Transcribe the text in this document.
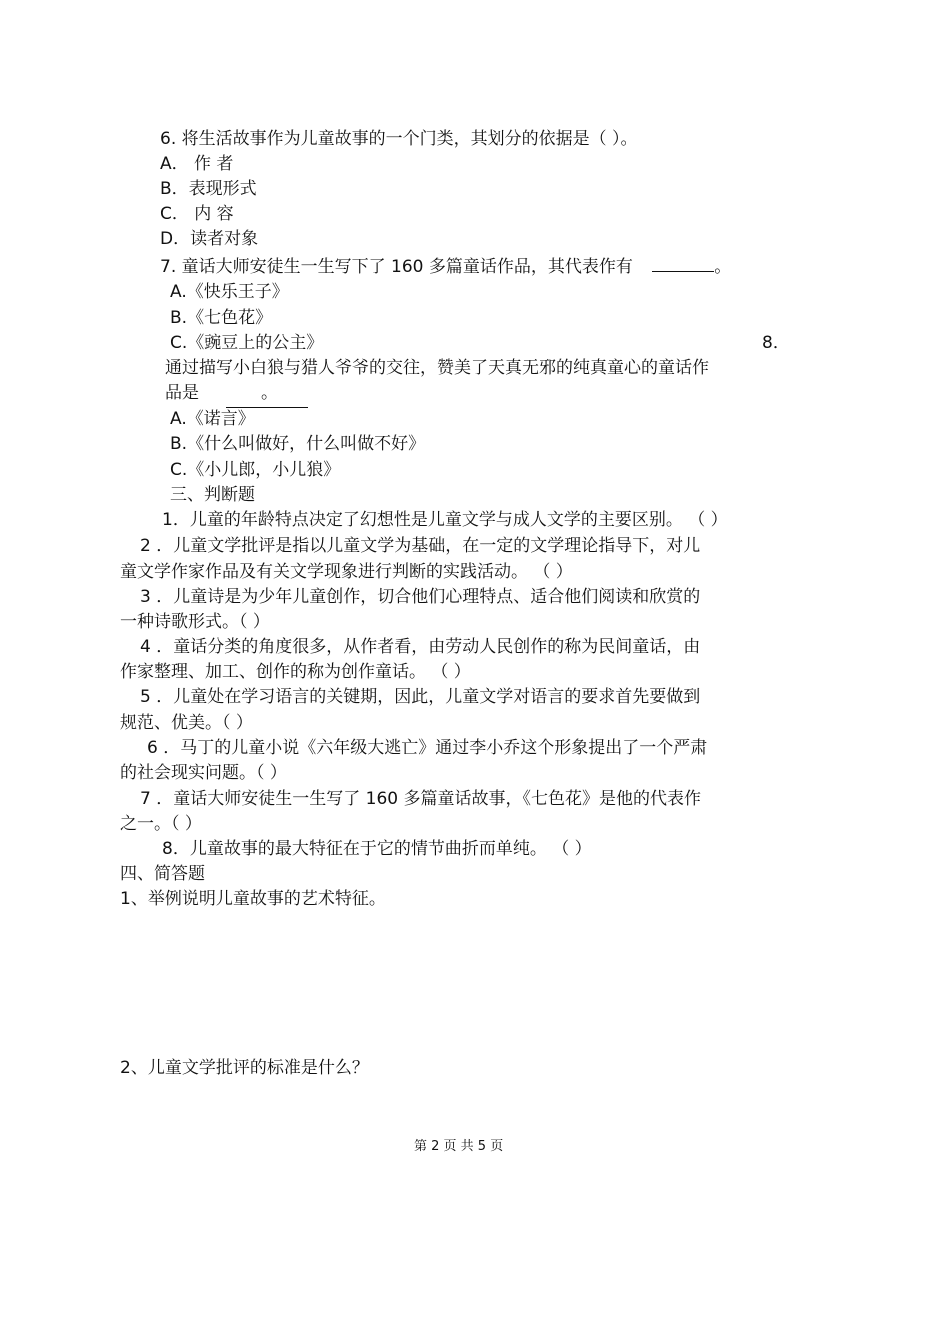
6. 将生活故事作为儿童故事的一个门类，其划分的依据是（ ）。
A． 作 者
B．表现形式
C． 内 容
D．读者对象
7. 童话大师安徒生一生写下了 160 多篇童话作品，其代表作有	。
A.《快乐王子》
B.《七色花》
C.《豌豆上的公主》	8．
通过描写小白狼与猎人爷爷的交往，赞美了天真无邪的纯真童心的童话作
品是	。
A.《诺言》
B.《什么叫做好，什么叫做不好》
C.《小儿郎，小儿狼》
三、判断题
1．儿童的年龄特点决定了幻想性是儿童文学与成人文学的主要区别。 （ ）
2 ．儿童文学批评是指以儿童文学为基础，在一定的文学理论指导下，对儿
童文学作家作品及有关文学现象进行判断的实践活动。 （ ）
3 ．儿童诗是为少年儿童创作，切合他们心理特点、适合他们阅读和欣赏的
一种诗歌形式。（ ）
4 ．童话分类的角度很多，从作者看，由劳动人民创作的称为民间童话，由
作家整理、加工、创作的称为创作童话。 （ ）
5 ．儿童处在学习语言的关键期，因此，儿童文学对语言的要求首先要做到
规范、优美。（ ）
6 ．马丁的儿童小说《六年级大逃亡》通过李小乔这个形象提出了一个严肃
的社会现实问题。（ ）
7 ．童话大师安徒生一生写了 160 多篇童话故事，《七色花》是他的代表作
之一。（ ）
8．儿童故事的最大特征在于它的情节曲折而单纯。 （ ）
四、简答题
1、举例说明儿童故事的艺术特征。
2、儿童文学批评的标准是什么？
第 2 页 共 5 页
